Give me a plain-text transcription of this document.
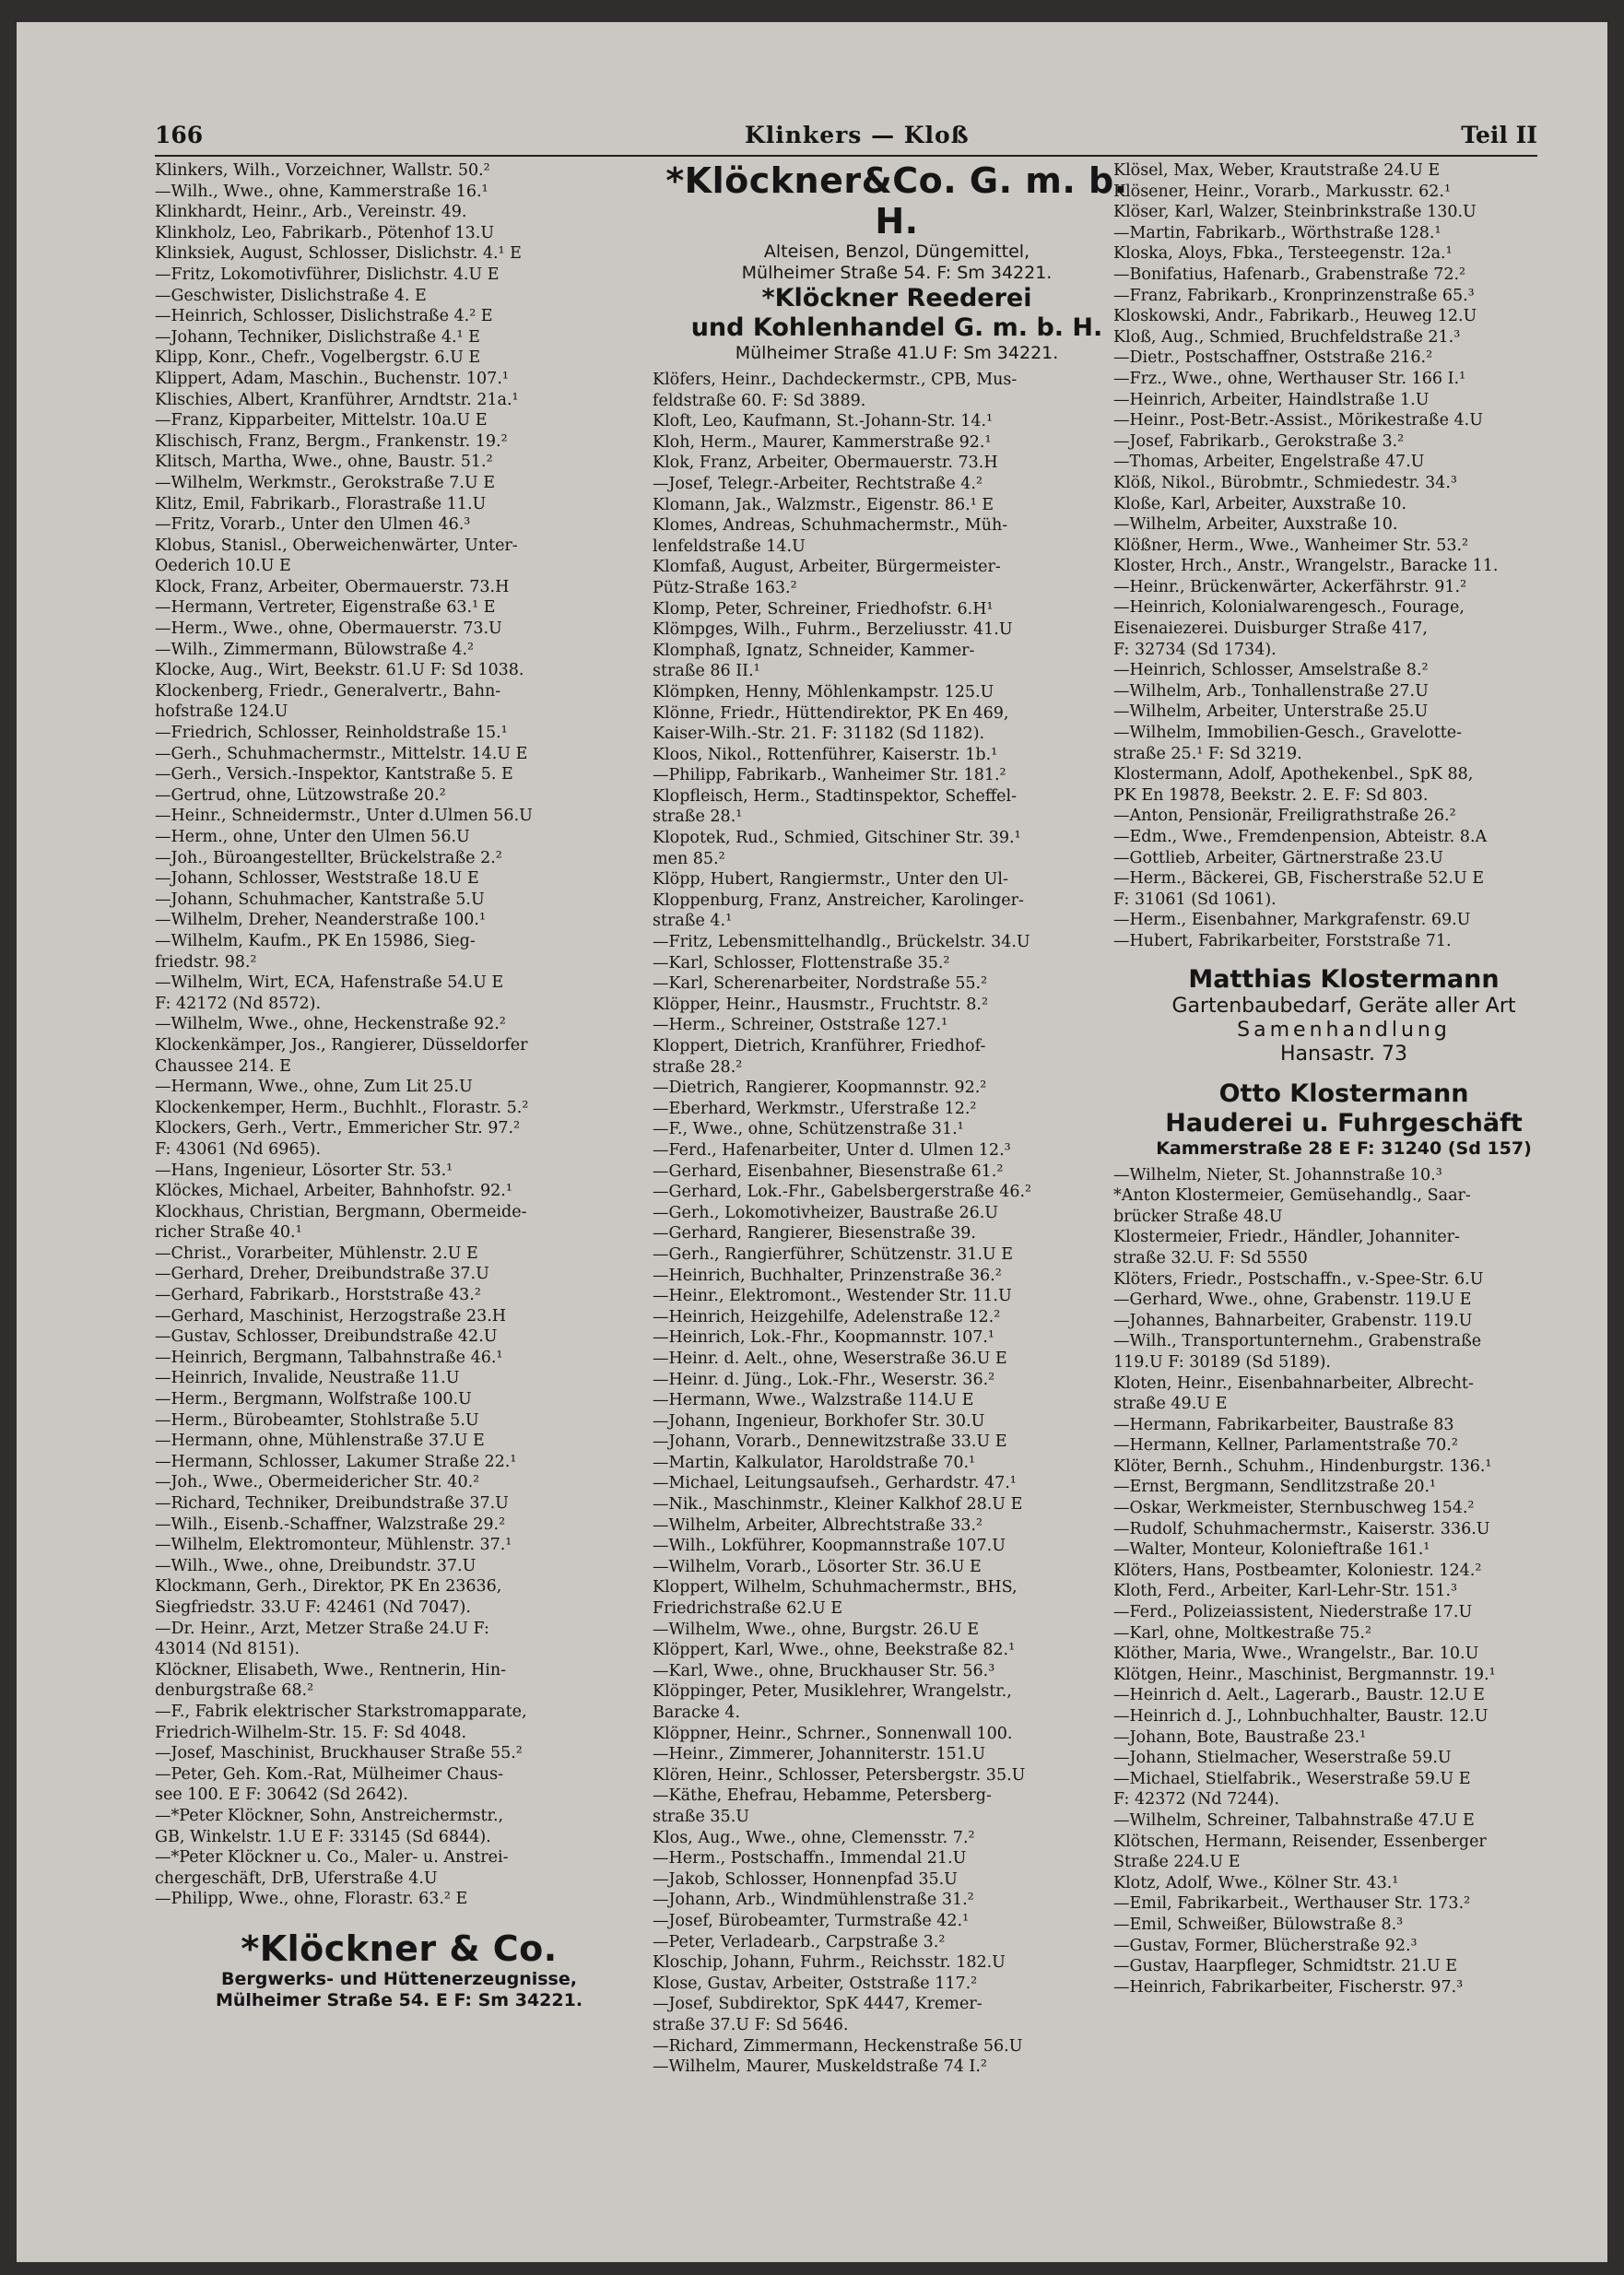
166	Klinkers — Kloß	Teil II
Klinkers, Wilh., Vorzeichner, Wallstr. 50.²
—Wilh., Wwe., ohne, Kammerstraße 16.¹
Klinkhardt, Heinr., Arb., Vereinstr. 49.
Klinkholz, Leo, Fabrikarb., Pötenhof 13.U
Klinksiek, August, Schlosser, Dislichstr. 4.¹ E
—Fritz, Lokomotivführer, Dislichstr. 4.U E
—Geschwister, Dislichstraße 4. E
—Heinrich, Schlosser, Dislichstraße 4.² E
—Johann, Techniker, Dislichstraße 4.¹ E
Klipp, Konr., Chefr., Vogelbergstr. 6.U E
Klippert, Adam, Maschin., Buchenstr. 107.¹
Klischies, Albert, Kranführer, Arndtstr. 21a.¹
—Franz, Kipparbeiter, Mittelstr. 10a.U E
Klischisch, Franz, Bergm., Frankenstr. 19.²
Klitsch, Martha, Wwe., ohne, Baustr. 51.²
—Wilhelm, Werkmstr., Gerokstraße 7.U E
Klitz, Emil, Fabrikarb., Florastraße 11.U
—Fritz, Vorarb., Unter den Ulmen 46.³
Klobus, Stanisl., Oberweichenwärter, Unter-
Oederich 10.U E
Klock, Franz, Arbeiter, Obermauerstr. 73.H
—Hermann, Vertreter, Eigenstraße 63.¹ E
—Herm., Wwe., ohne, Obermauerstr. 73.U
—Wilh., Zimmermann, Bülowstraße 4.²
Klocke, Aug., Wirt, Beekstr. 61.U F: Sd 1038.
Klockenberg, Friedr., Generalvertr., Bahn-
hofstraße 124.U
—Friedrich, Schlosser, Reinholdstraße 15.¹
—Gerh., Schuhmachermstr., Mittelstr. 14.U E
—Gerh., Versich.-Inspektor, Kantstraße 5. E
—Gertrud, ohne, Lützowstraße 20.²
—Heinr., Schneidermstr., Unter d.Ulmen 56.U
—Herm., ohne, Unter den Ulmen 56.U
—Joh., Büroangestellter, Brückelstraße 2.²
—Johann, Schlosser, Weststraße 18.U E
—Johann, Schuhmacher, Kantstraße 5.U
—Wilhelm, Dreher, Neanderstraße 100.¹
—Wilhelm, Kaufm., PK En 15986, Sieg-
friedstr. 98.²
—Wilhelm, Wirt, ECA, Hafenstraße 54.U E
F: 42172 (Nd 8572).
—Wilhelm, Wwe., ohne, Heckenstraße 92.²
Klockenkämper, Jos., Rangierer, Düsseldorfer
Chaussee 214. E
—Hermann, Wwe., ohne, Zum Lit 25.U
Klockenkemper, Herm., Buchhlt., Florastr. 5.²
Klockers, Gerh., Vertr., Emmericher Str. 97.²
F: 43061 (Nd 6965).
—Hans, Ingenieur, Lösorter Str. 53.¹
Klöckes, Michael, Arbeiter, Bahnhofstr. 92.¹
Klockhaus, Christian, Bergmann, Obermeide-
richer Straße 40.¹
—Christ., Vorarbeiter, Mühlenstr. 2.U E
—Gerhard, Dreher, Dreibundstraße 37.U
—Gerhard, Fabrikarb., Horststraße 43.²
—Gerhard, Maschinist, Herzogstraße 23.H
—Gustav, Schlosser, Dreibundstraße 42.U
—Heinrich, Bergmann, Talbahnstraße 46.¹
—Heinrich, Invalide, Neustraße 11.U
—Herm., Bergmann, Wolfstraße 100.U
—Herm., Bürobeamter, Stohlstraße 5.U
—Hermann, ohne, Mühlenstraße 37.U E
—Hermann, Schlosser, Lakumer Straße 22.¹
—Joh., Wwe., Obermeidericher Str. 40.²
—Richard, Techniker, Dreibundstraße 37.U
—Wilh., Eisenb.-Schaffner, Walzstraße 29.²
—Wilhelm, Elektromonteur, Mühlenstr. 37.¹
—Wilh., Wwe., ohne, Dreibundstr. 37.U
Klockmann, Gerh., Direktor, PK En 23636,
Siegfriedstr. 33.U F: 42461 (Nd 7047).
—Dr. Heinr., Arzt, Metzer Straße 24.U F:
43014 (Nd 8151).
Klöckner, Elisabeth, Wwe., Rentnerin, Hin-
denburgstraße 68.²
—F., Fabrik elektrischer Starkstromapparate,
Friedrich-Wilhelm-Str. 15. F: Sd 4048.
—Josef, Maschinist, Bruckhauser Straße 55.²
—Peter, Geh. Kom.-Rat, Mülheimer Chaus-
see 100. E F: 30642 (Sd 2642).
—*Peter Klöckner, Sohn, Anstreichermstr.,
GB, Winkelstr. 1.U E F: 33145 (Sd 6844).
—*Peter Klöckner u. Co., Maler- u. Anstrei-
chergeschäft, DrB, Uferstraße 4.U
—Philipp, Wwe., ohne, Florastr. 63.² E
*Klöckner & Co.
Bergwerks- und Hüttenerzeugnisse,
Mülheimer Straße 54. E F: Sm 34221.
*Klöckner&Co. G. m. b. H.
Alteisen, Benzol, Düngemittel,
Mülheimer Straße 54. F: Sm 34221.
*Klöckner Reederei
und Kohlenhandel G. m. b. H.
Mülheimer Straße 41.U F: Sm 34221.
Klöfers, Heinr., Dachdeckermstr., CPB, Mus-
feldstraße 60. F: Sd 3889.
Kloft, Leo, Kaufmann, St.-Johann-Str. 14.¹
Kloh, Herm., Maurer, Kammerstraße 92.¹
Klok, Franz, Arbeiter, Obermauerstr. 73.H
—Josef, Telegr.-Arbeiter, Rechtstraße 4.²
Klomann, Jak., Walzmstr., Eigenstr. 86.¹ E
Klomes, Andreas, Schuhmachermstr., Müh-
lenfeldstraße 14.U
Klomfaß, August, Arbeiter, Bürgermeister-
Pütz-Straße 163.²
Klomp, Peter, Schreiner, Friedhofstr. 6.H¹
Klömpges, Wilh., Fuhrm., Berzeliusstr. 41.U
Klomphaß, Ignatz, Schneider, Kammer-
straße 86 II.¹
Klömpken, Henny, Möhlenkampstr. 125.U
Klönne, Friedr., Hüttendirektor, PK En 469,
Kaiser-Wilh.-Str. 21. F: 31182 (Sd 1182).
Kloos, Nikol., Rottenführer, Kaiserstr. 1b.¹
—Philipp, Fabrikarb., Wanheimer Str. 181.²
Klopfleisch, Herm., Stadtinspektor, Scheffel-
straße 28.¹
Klopotek, Rud., Schmied, Gitschiner Str. 39.¹
men 85.²
Klöpp, Hubert, Rangiermstr., Unter den Ul-
Kloppenburg, Franz, Anstreicher, Karolinger-
straße 4.¹
—Fritz, Lebensmittelhandlg., Brückelstr. 34.U
—Karl, Schlosser, Flottenstraße 35.²
—Karl, Scherenarbeiter, Nordstraße 55.²
Klöpper, Heinr., Hausmstr., Fruchtstr. 8.²
—Herm., Schreiner, Oststraße 127.¹
Kloppert, Dietrich, Kranführer, Friedhof-
straße 28.²
—Dietrich, Rangierer, Koopmannstr. 92.²
—Eberhard, Werkmstr., Uferstraße 12.²
—F., Wwe., ohne, Schützenstraße 31.¹
—Ferd., Hafenarbeiter, Unter d. Ulmen 12.³
—Gerhard, Eisenbahner, Biesenstraße 61.²
—Gerhard, Lok.-Fhr., Gabelsbergerstraße 46.²
—Gerh., Lokomotivheizer, Baustraße 26.U
—Gerhard, Rangierer, Biesenstraße 39.
—Gerh., Rangierführer, Schützenstr. 31.U E
—Heinrich, Buchhalter, Prinzenstraße 36.²
—Heinr., Elektromont., Westender Str. 11.U
—Heinrich, Heizgehilfe, Adelenstraße 12.²
—Heinrich, Lok.-Fhr., Koopmannstr. 107.¹
—Heinr. d. Aelt., ohne, Weserstraße 36.U E
—Heinr. d. Jüng., Lok.-Fhr., Weserstr. 36.²
—Hermann, Wwe., Walzstraße 114.U E
—Johann, Ingenieur, Borkhofer Str. 30.U
—Johann, Vorarb., Dennewitzstraße 33.U E
—Martin, Kalkulator, Haroldstraße 70.¹
—Michael, Leitungsaufseh., Gerhardstr. 47.¹
—Nik., Maschinmstr., Kleiner Kalkhof 28.U E
—Wilhelm, Arbeiter, Albrechtstraße 33.²
—Wilh., Lokführer, Koopmannstraße 107.U
—Wilhelm, Vorarb., Lösorter Str. 36.U E
Kloppert, Wilhelm, Schuhmachermstr., BHS,
Friedrichstraße 62.U E
—Wilhelm, Wwe., ohne, Burgstr. 26.U E
Klöppert, Karl, Wwe., ohne, Beekstraße 82.¹
—Karl, Wwe., ohne, Bruckhauser Str. 56.³
Klöppinger, Peter, Musiklehrer, Wrangelstr.,
Baracke 4.
Klöppner, Heinr., Schrner., Sonnenwall 100.
—Heinr., Zimmerer, Johanniterstr. 151.U
Klören, Heinr., Schlosser, Petersbergstr. 35.U
—Käthe, Ehefrau, Hebamme, Petersberg-
straße 35.U
Klos, Aug., Wwe., ohne, Clemensstr. 7.²
—Herm., Postschaffn., Immendal 21.U
—Jakob, Schlosser, Honnenpfad 35.U
—Johann, Arb., Windmühlenstraße 31.²
—Josef, Bürobeamter, Turmstraße 42.¹
—Peter, Verladearb., Carpstraße 3.²
Kloschip, Johann, Fuhrm., Reichsstr. 182.U
Klose, Gustav, Arbeiter, Oststraße 117.²
—Josef, Subdirektor, SpK 4447, Kremer-
straße 37.U F: Sd 5646.
—Richard, Zimmermann, Heckenstraße 56.U
—Wilhelm, Maurer, Muskeldstraße 74 I.²
Klösel, Max, Weber, Krautstraße 24.U E
Klösener, Heinr., Vorarb., Markusstr. 62.¹
Klöser, Karl, Walzer, Steinbrinkstraße 130.U
—Martin, Fabrikarb., Wörthstraße 128.¹
Kloska, Aloys, Fbka., Tersteegenstr. 12a.¹
—Bonifatius, Hafenarb., Grabenstraße 72.²
—Franz, Fabrikarb., Kronprinzenstraße 65.³
Kloskowski, Andr., Fabrikarb., Heuweg 12.U
Kloß, Aug., Schmied, Bruchfeldstraße 21.³
—Dietr., Postschaffner, Oststraße 216.²
—Frz., Wwe., ohne, Werthauser Str. 166 I.¹
—Heinrich, Arbeiter, Haindlstraße 1.U
—Heinr., Post-Betr.-Assist., Mörikestraße 4.U
—Josef, Fabrikarb., Gerokstraße 3.²
—Thomas, Arbeiter, Engelstraße 47.U
Klöß, Nikol., Bürobmtr., Schmiedestr. 34.³
Kloße, Karl, Arbeiter, Auxstraße 10.
—Wilhelm, Arbeiter, Auxstraße 10.
Klößner, Herm., Wwe., Wanheimer Str. 53.²
Kloster, Hrch., Anstr., Wrangelstr., Baracke 11.
—Heinr., Brückenwärter, Ackerfährstr. 91.²
—Heinrich, Kolonialwarengesch., Fouragе,
Eisenaiezerei. Duisburger Straße 417,
F: 32734 (Sd 1734).
—Heinrich, Schlosser, Amselstraße 8.²
—Wilhelm, Arb., Tonhallenstraße 27.U
—Wilhelm, Arbeiter, Unterstraße 25.U
—Wilhelm, Immobilien-Gesch., Gravelotte-
straße 25.¹ F: Sd 3219.
Klostermann, Adolf, Apothekenbel., SpK 88,
PK En 19878, Beekstr. 2. E. F: Sd 803.
—Anton, Pensionär, Freiligrathstraße 26.²
—Edm., Wwe., Fremdenpension, Abteistr. 8.A
—Gottlieb, Arbeiter, Gärtnerstraße 23.U
—Herm., Bäckerei, GB, Fischerstraße 52.U E
F: 31061 (Sd 1061).
—Herm., Eisenbahner, Markgrafenstr. 69.U
—Hubert, Fabrikarbeiter, Forststraße 71.
Matthias Klostermann
Gartenbaubedarf, Geräte aller Art
Samenhandlung
Hansastr. 73
Otto Klostermann
Hauderei u. Fuhrgeschäft
Kammerstraße 28 E F: 31240 (Sd 157)
—Wilhelm, Nieter, St. Johannstraße 10.³
*Anton Klostermeier, Gemüsehandlg., Saar-
brücker Straße 48.U
Klostermeier, Friedr., Händler, Johanniter-
straße 32.U. F: Sd 5550
Klöters, Friedr., Postschaffn., v.-Spee-Str. 6.U
—Gerhard, Wwe., ohne, Grabenstr. 119.U E
—Johannes, Bahnarbeiter, Grabenstr. 119.U
—Wilh., Transportunternehm., Grabenstraße
119.U F: 30189 (Sd 5189).
Kloten, Heinr., Eisenbahnarbeiter, Albrecht-
straße 49.U E
—Hermann, Fabrikarbeiter, Baustraße 83
—Hermann, Kellner, Parlamentstraße 70.²
Klöter, Bernh., Schuhm., Hindenburgstr. 136.¹
—Ernst, Bergmann, Sendlitzstraße 20.¹
—Oskar, Werkmeister, Sternbuschweg 154.²
—Rudolf, Schuhmachermstr., Kaiserstr. 336.U
—Walter, Monteur, Kolonieftraße 161.¹
Klöters, Hans, Postbeamter, Koloniestr. 124.²
Kloth, Ferd., Arbeiter, Karl-Lehr-Str. 151.³
—Ferd., Polizeiassistent, Niederstraße 17.U
—Karl, ohne, Moltkestraße 75.²
Klöther, Maria, Wwe., Wrangelstr., Bar. 10.U
Klötgen, Heinr., Maschinist, Bergmannstr. 19.¹
—Heinrich d. Aelt., Lagerarb., Baustr. 12.U E
—Heinrich d. J., Lohnbuchhalter, Baustr. 12.U
—Johann, Bote, Baustraße 23.¹
—Johann, Stielmacher, Weserstraße 59.U
—Michael, Stielfabrik., Weserstraße 59.U E
F: 42372 (Nd 7244).
—Wilhelm, Schreiner, Talbahnstraße 47.U E
Klötschen, Hermann, Reisender, Essenberger
Straße 224.U E
Klotz, Adolf, Wwe., Kölner Str. 43.¹
—Emil, Fabrikarbeit., Werthauser Str. 173.²
—Emil, Schweißer, Bülowstraße 8.³
—Gustav, Former, Blücherstraße 92.³
—Gustav, Haarpfleger, Schmidtstr. 21.U E
—Heinrich, Fabrikarbeiter, Fischerstr. 97.³
